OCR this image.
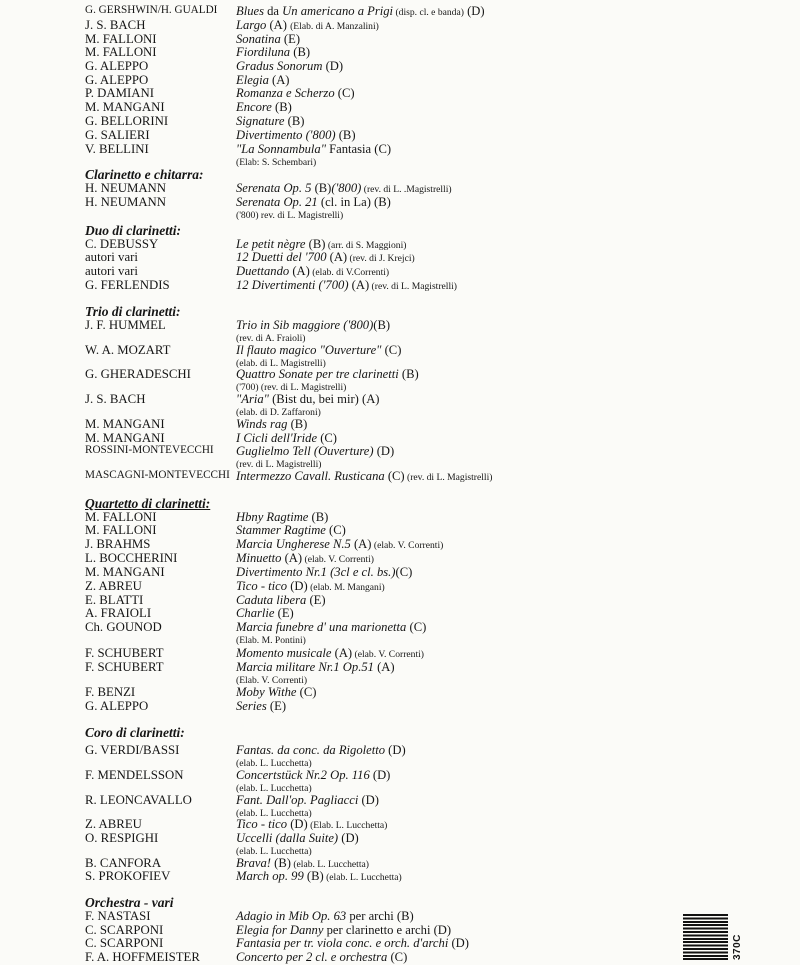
G. GERSHWIN/H. GUALDI Blues da Un americano a Prigi (disp. cl. e banda) (D)
J. S. BACH	Largo (A) (Elab. di A. Manzalini)
M. FALLONI	Sonatina (E)
M. FALLONI	Fiordiluna (B)
G. ALEPPO	Gradus Sonorum (D)
G. ALEPPO	Elegia (A)
P. DAMIANI	Romanza e Scherzo (C)
M. MANGANI	Encore (B)
G. BELLORINI	Signature (B)
G. SALIERI	Divertimento ('800) (B)
V. BELLINI	"La Sonnambula" Fantasia (C)
(Elab: S. Schembari)
Clarinetto e chitarra:
H. NEUMANN	Serenata Op. 5 (B)('800) (rev. di L. .Magistrelli)
H. NEUMANN	Serenata Op. 21 (cl. in La) (B)
('800) rev. di L. Magistrelli)
Duo di clarinetti:
C. DEBUSSY	Le petit nègre (B) (arr. di S. Maggioni)
autori vari	12 Duetti del '700 (A) (rev. di J. Krejci)
autori vari	Duettando (A) (elab. di V.Correnti)
G. FERLENDIS	12 Divertimenti ('700) (A) (rev. di L. Magistrelli)
Trio di clarinetti:
J. F. HUMMEL	Trio in Sib maggiore ('800)(B)
(rev. di A. Fraioli)
W. A. MOZART	Il flauto magico "Ouverture" (C)
(elab. di L. Magistrelli)
G. GHERADESCHI	Quattro Sonate per tre clarinetti (B)
('700) (rev. di L. Magistrelli)
J. S. BACH	"Aria" (Bist du, bei mir) (A)
(elab. di D. Zaffaroni)
M. MANGANI	Winds rag (B)
M. MANGANI	I Cicli dell'Iride (C)
ROSSINI-MONTEVECCHI Guglielmo Tell (Ouverture) (D)
(rev. di L. Magistrelli)
MASCAGNI-MONTEVECCHI Intermezzo Cavall. Rusticana (C) (rev. di L. Magistrelli)
Quartetto di clarinetti:
M. FALLONI	Hbny Ragtime (B)
M. FALLONI	Stammer Ragtime (C)
J. BRAHMS	Marcia Ungherese N.5 (A) (elab. V. Correnti)
L. BOCCHERINI	Minuetto (A) (elab. V. Correnti)
M. MANGANI	Divertimento Nr.1 (3cl e cl. bs.)(C)
Z. ABREU	Tico - tico (D) (elab. M. Mangani)
E. BLATTI	Caduta libera (E)
A. FRAIOLI	Charlie (E)
Ch. GOUNOD	Marcia funebre d' una marionetta (C)
(Elab. M. Pontini)
F. SCHUBERT	Momento musicale (A) (elab. V. Correnti)
F. SCHUBERT	Marcia militare Nr.1 Op.51 (A)
(Elab. V. Correnti)
F. BENZI	Moby Withe (C)
G. ALEPPO	Series (E)
Coro di clarinetti:
G. VERDI/BASSI	Fantas. da conc. da Rigoletto (D)
(elab. L. Lucchetta)
F. MENDELSSON	Concertstück Nr.2 Op. 116 (D)
(elab. L. Lucchetta)
R. LEONCAVALLO	Fant. Dall'op. Pagliacci (D)
(elab. L. Lucchetta)
Z. ABREU	Tico - tico (D) (Elab. L. Lucchetta)
O. RESPIGHI	Uccelli (dalla Suite) (D)
(elab. L. Lucchetta)
B. CANFORA	Brava! (B) (elab. L. Lucchetta)
S. PROKOFIEV	March op. 99 (B) (elab. L. Lucchetta)
Orchestra - vari
F. NASTASI	Adagio in Mib Op. 63 per archi (B)
C. SCARPONI	Elegia for Danny per clarinetto e archi (D)
C. SCARPONI	Fantasia per tr. viola conc. e orch. d'archi (D)
F. A. HOFFMEISTER	Concerto per 2 cl. e orchestra (C)	370C
